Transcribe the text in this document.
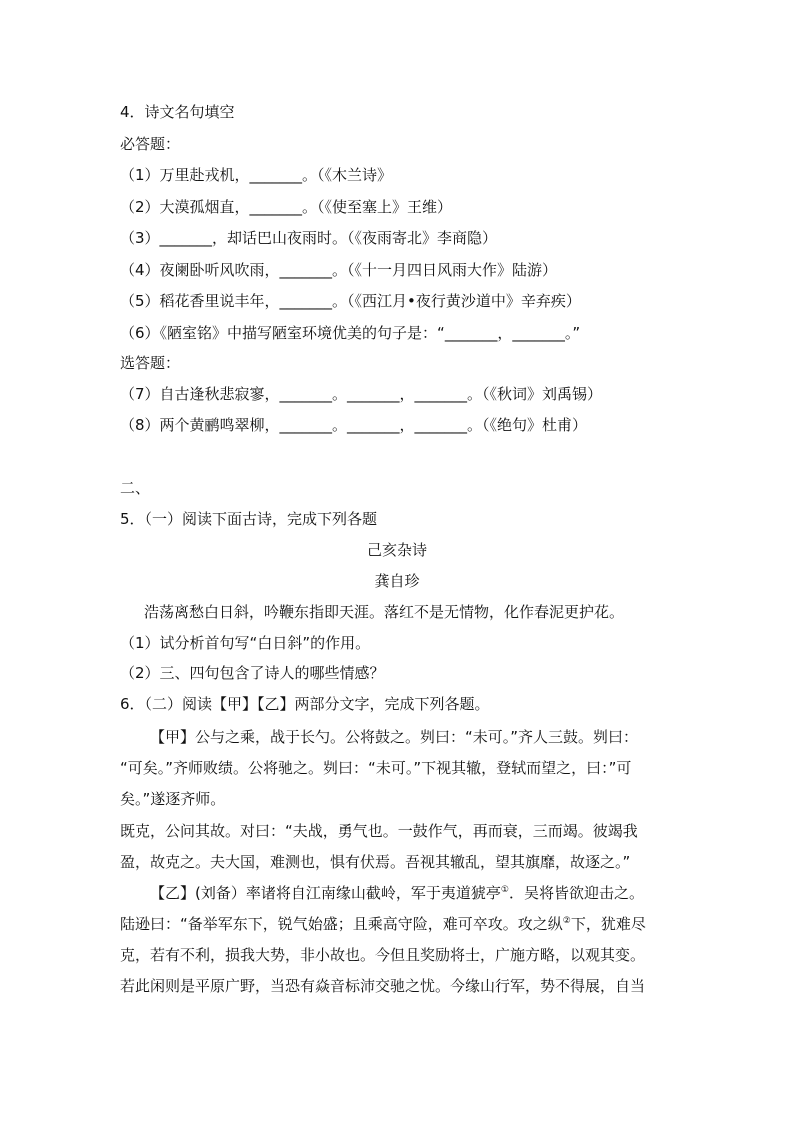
4．诗文名句填空
必答题：
（1）万里赴戎机，_______。（《木兰诗》
（2）大漠孤烟直，_______。（《使至塞上》王维）
（3）_______，却话巴山夜雨时。（《夜雨寄北》李商隐）
（4）夜阑卧听风吹雨，_______。（《十一月四日风雨大作》陆游）
（5）稻花香里说丰年，_______。（《西江月•夜行黄沙道中》辛弃疾）
（6）《陋室铭》中描写陋室环境优美的句子是：“_______，_______。”
选答题：
（7）自古逢秋悲寂寥，_______。_______，_______。（《秋词》刘禹锡）
（8）两个黄鹂鸣翠柳，_______。_______，_______。（《绝句》杜甫）
二、
5．（一）阅读下面古诗，完成下列各题
己亥杂诗
龚自珍
浩荡离愁白日斜，吟鞭东指即天涯。落红不是无情物，化作春泥更护花。
（1）试分析首句写“白日斜”的作用。
（2）三、四句包含了诗人的哪些情感？
6．（二）阅读【甲】【乙】两部分文字，完成下列各题。
【甲】公与之乘，战于长勺。公将鼓之。刿曰：“未可。”齐人三鼓。刿曰：
“可矣。”齐师败绩。公将驰之。刿曰：“未可。”下视其辙，登轼而望之，曰：”可
矣。”遂逐齐师。
既克，公问其故。对曰：“夫战，勇气也。一鼓作气，再而衰，三而竭。彼竭我
盈，故克之。夫大国，难测也，惧有伏焉。吾视其辙乱，望其旗靡，故逐之。”
【乙】(刘备）率诸将自江南缘山截岭，军于夷道猇亭①．吴将皆欲迎击之。
陆逊曰：“备举军东下，锐气始盛；且乘高守险，难可卒攻。攻之纵②下，犹难尽
克，若有不利，损我大势，非小故也。今但且奖励将士，广施方略，以观其变。
若此闲则是平原广野，当恐有焱音标沛交驰之忧。今缘山行军，势不得展，自当
